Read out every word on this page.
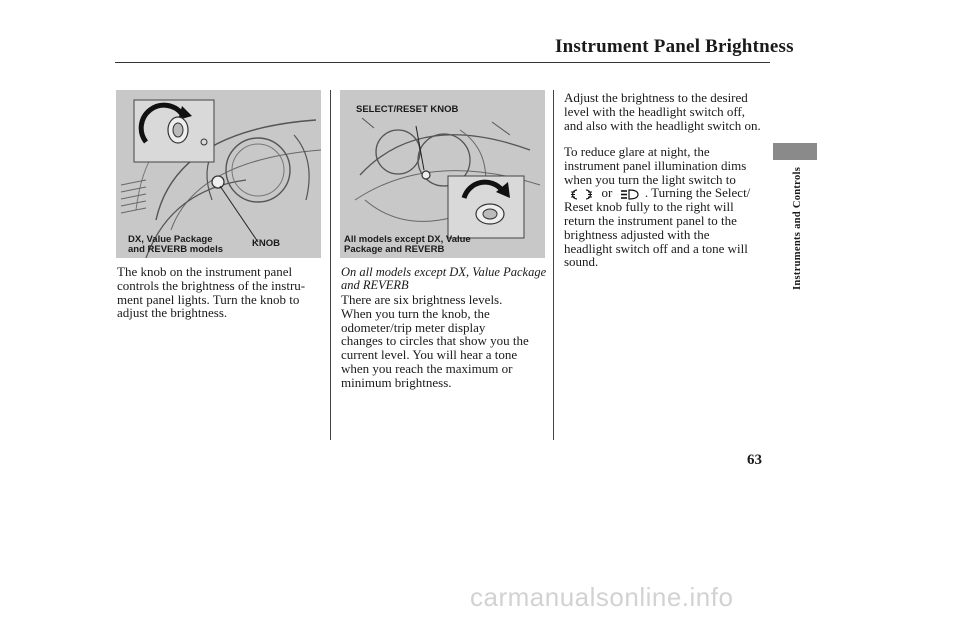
Instrument Panel Brightness
Instruments and Controls
DX, Value Package
and REVERB models
KNOB
SELECT/RESET KNOB
All models except DX, Value
Package and REVERB
The knob on the instrument panel
controls the brightness of the instru-
ment panel lights. Turn the knob to
adjust the brightness.
On all models except DX, Value Package
and REVERB
There are six brightness levels.
When you turn the knob, the
odometer/trip meter display
changes to circles that show you the
current level. You will hear a tone
when you reach the maximum or
minimum brightness.
Adjust the brightness to the desired
level with the headlight switch off,
and also with the headlight switch on.
To reduce glare at night, the
instrument panel illumination dims
when you turn the light switch to
or	. Turning the Select/
Reset knob fully to the right will
return the instrument panel to the
brightness adjusted with the
headlight switch off and a tone will
sound.
63
carmanualsonline.info
